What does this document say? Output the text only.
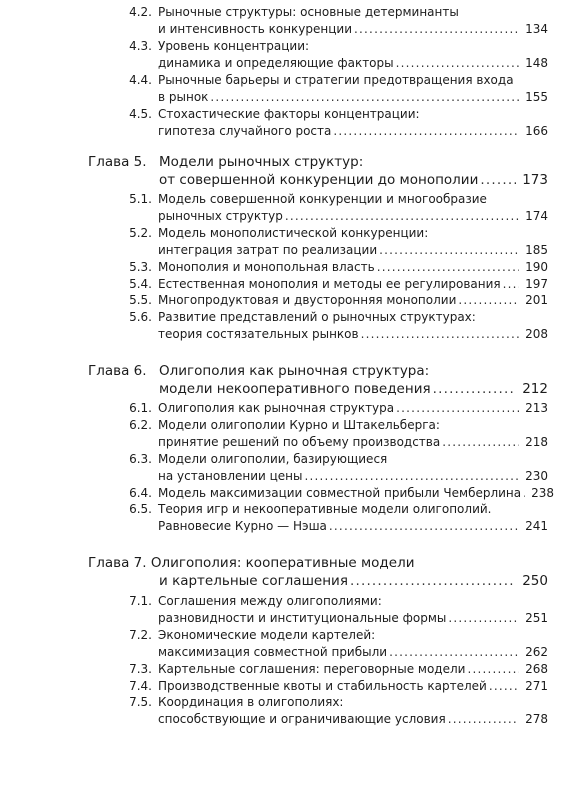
4.2. Рыночные структуры: основные детерминанты
и интенсивность конкуренции .....	134
4.3. Уровень концентрации:
динамика и определяющие факторы .....	148
4.4. Рыночные барьеры и стратегии предотвращения входа
в рынок .....	155
4.5. Стохастические факторы концентрации:
гипотеза случайного роста .....	166
Глава 5. Модели рыночных структур:
от совершенной конкуренции до монополии .....	173
5.1. Модель совершенной конкуренции и многообразие
рыночных структур .....	174
5.2. Модель монополистической конкуренции:
интеграция затрат по реализации .....	185
5.3. Монополия и монопольная власть .....	190
5.4. Естественная монополия и методы ее регулирования .....	197
5.5. Многопродуктовая и двусторонняя монополии .....	201
5.6. Развитие представлений о рыночных структурах:
теория состязательных рынков .....	208
Глава 6. Олигополия как рыночная структура:
модели некооперативного поведения .....	212
6.1. Олигополия как рыночная структура .....	213
6.2. Модели олигополии Курно и Штакельберга:
принятие решений по объему производства .....	218
6.3. Модели олигополии, базирующиеся
на установлении цены .....	230
6.4. Модель максимизации совместной прибыли Чемберлина ..... 238
6.5. Теория игр и некооперативные модели олигополий.
Равновесие Курно — Нэша .....	241
Глава 7. Олигополия: кооперативные модели
и картельные соглашения .....	250
7.1. Соглашения между олигополиями:
разновидности и институциональные формы .....	251
7.2. Экономические модели картелей:
максимизация совместной прибыли .....	262
7.3. Картельные соглашения: переговорные модели .....	268
7.4. Производственные квоты и стабильность картелей .....	271
7.5. Координация в олигополиях:
способствующие и ограничивающие условия .....	278
